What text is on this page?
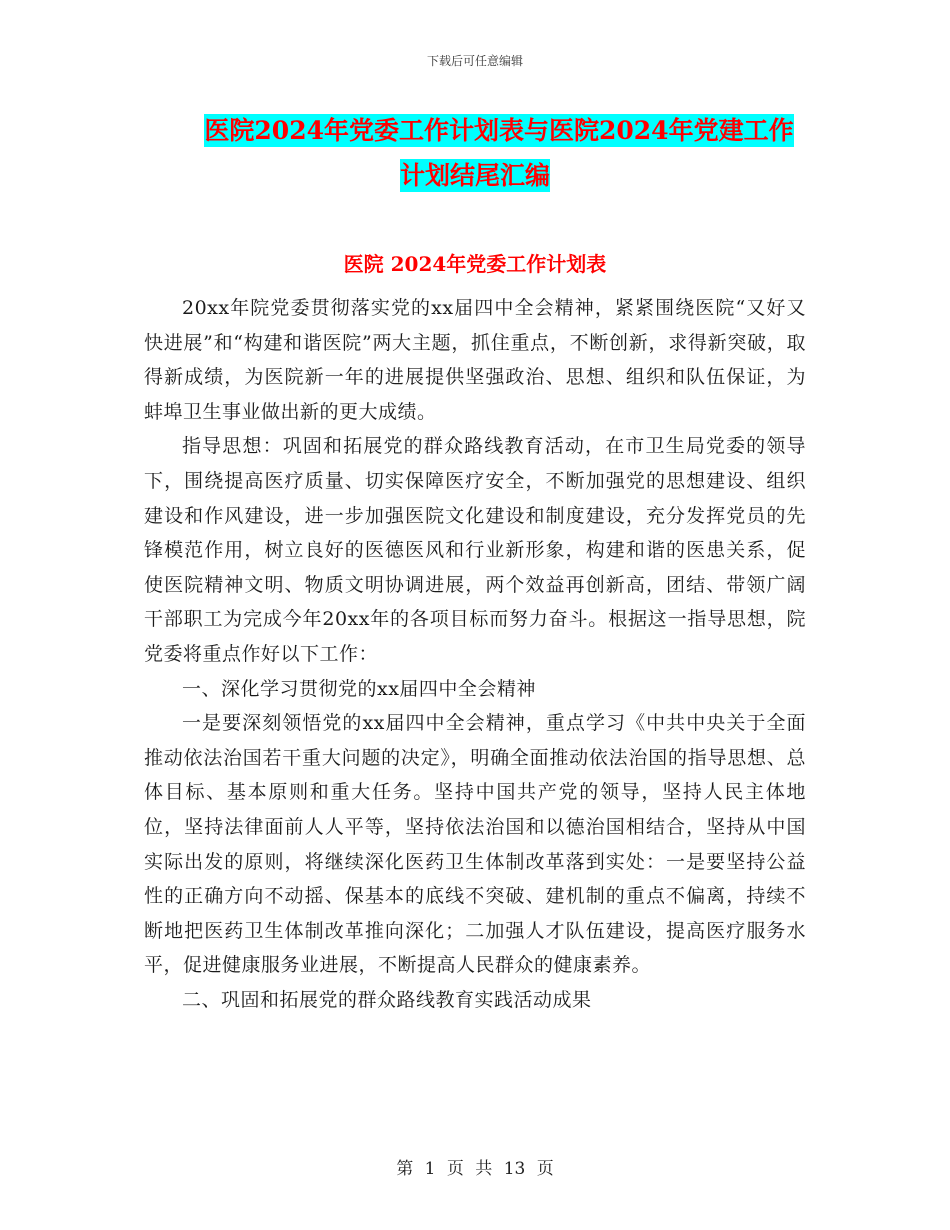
下载后可任意编辑
医院2024年党委工作计划表与医院2024年党建工作
计划结尾汇编
医院 2024年党委工作计划表

20xx年院党委贯彻落实党的xx届四中全会精神，紧紧围绕医院“又好又快进展”和“构建和谐医院”两大主题，抓住重点，不断创新，求得新突破，取得新成绩，为医院新一年的进展提供坚强政治、思想、组织和队伍保证，为蚌埠卫生事业做出新的更大成绩。

指导思想：巩固和拓展党的群众路线教育活动，在市卫生局党委的领导下，围绕提高医疗质量、切实保障医疗安全，不断加强党的思想建设、组织建设和作风建设，进一步加强医院文化建设和制度建设，充分发挥党员的先锋模范作用，树立良好的医德医风和行业新形象，构建和谐的医患关系，促使医院精神文明、物质文明协调进展，两个效益再创新高，团结、带领广阔干部职工为完成今年20xx年的各项目标而努力奋斗。根据这一指导思想，院党委将重点作好以下工作：

一、深化学习贯彻党的xx届四中全会精神

一是要深刻领悟党的xx届四中全会精神，重点学习《中共中央关于全面推动依法治国若干重大问题的决定》，明确全面推动依法治国的指导思想、总体目标、基本原则和重大任务。坚持中国共产党的领导，坚持人民主体地位，坚持法律面前人人平等，坚持依法治国和以德治国相结合，坚持从中国实际出发的原则，将继续深化医药卫生体制改革落到实处：一是要坚持公益性的正确方向不动摇、保基本的底线不突破、建机制的重点不偏离，持续不断地把医药卫生体制改革推向深化；二加强人才队伍建设，提高医疗服务水平，促进健康服务业进展，不断提高人民群众的健康素养。

二、巩固和拓展党的群众路线教育实践活动成果

第 1 页 共 13 页
